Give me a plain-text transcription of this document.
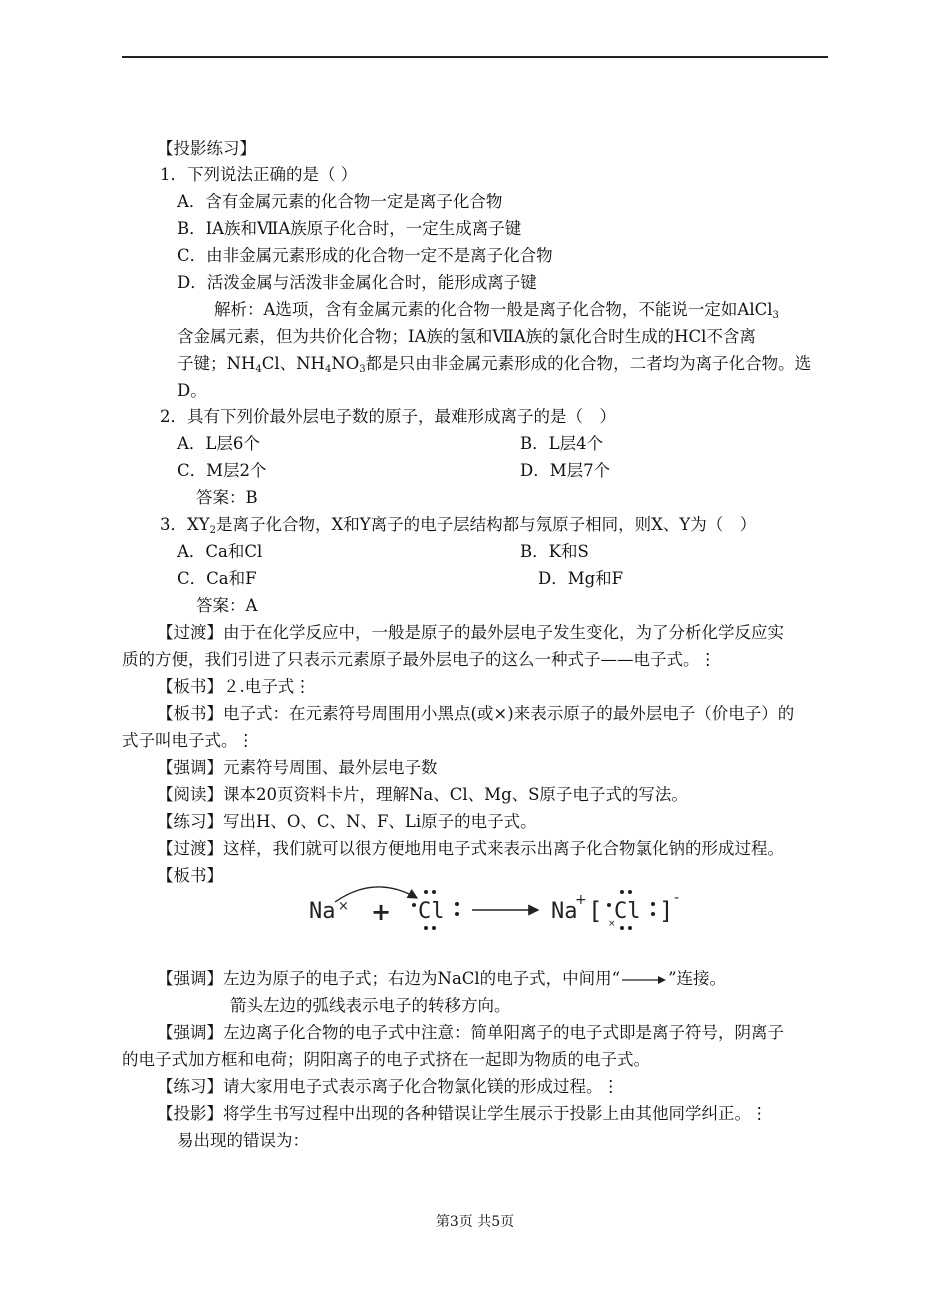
【投影练习】
1．下列说法正确的是（ ）
A．含有金属元素的化合物一定是离子化合物
B．ⅠA族和ⅦA族原子化合时，一定生成离子键
C．由非金属元素形成的化合物一定不是离子化合物
D．活泼金属与活泼非金属化合时，能形成离子键
解析：A选项，含有金属元素的化合物一般是离子化合物，不能说一定如AlCl$_3$
含金属元素，但为共价化合物；ⅠA族的氢和ⅦA族的氯化合时生成的HCl不含离
子键；$NH_4Cl$、$NH_4NO_3$都是只由非金属元素形成的化合物，二者均为离子化合物。选
D。
2．具有下列价最外层电子数的原子，最难形成离子的是（　）
A．L层6个	B．L层4个
C．M层2个	D．M层7个
答案：B
3．$XY_2$是离子化合物，X和Y离子的电子层结构都与氖原子相同，则X、Y为（　）
A．Ca和Cl	B．K和S
C．Ca和F	D．Mg和F
答案：A
【过渡】由于在化学反应中，一般是原子的最外层电子发生变化，为了分析化学反应实
质的方便，我们引进了只表示元素原子最外层电子的这么一种式子——电子式。⋮
【板书】２.电子式⋮
【板书】电子式：在元素符号周围用小黑点(或×)来表示原子的最外层电子（价电子）的
式子叫电子式。⋮
【强调】元素符号周围、最外层电子数
【阅读】课本20页资料卡片，理解Na、Cl、Mg、S原子电子式的写法。
【练习】写出H、O、C、N、F、Li原子的电子式。
【过渡】这样，我们就可以很方便地用电子式来表示出离子化合物氯化钠的形成过程。
【板书】
Na × + Cl	Na
+ [ ×
Cl ] -
【强调】左边为原子的电子式；右边为NaCl的电子式，中间用“	”连接。
箭头左边的弧线表示电子的转移方向。
【强调】左边离子化合物的电子式中注意：简单阳离子的电子式即是离子符号，阴离子
的电子式加方框和电荷；阴阳离子的电子式挤在一起即为物质的电子式。
【练习】请大家用电子式表示离子化合物氯化镁的形成过程。⋮
【投影】将学生书写过程中出现的各种错误让学生展示于投影上由其他同学纠正。⋮
易出现的错误为：
第3页 共5页
